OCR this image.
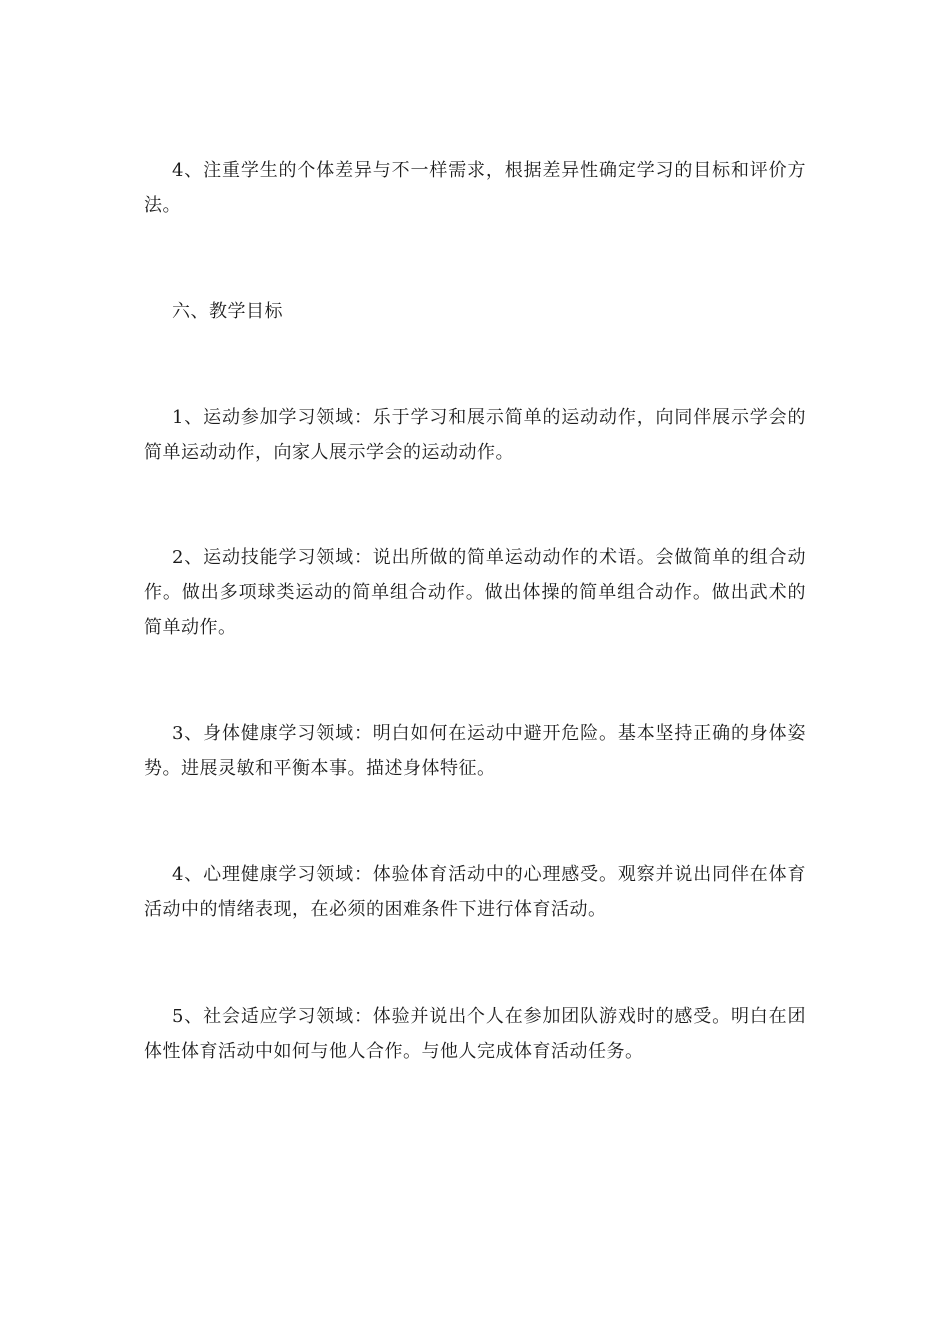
4、注重学生的个体差异与不一样需求，根据差异性确定学习的目标和评价方法。

六、教学目标

1、运动参加学习领域：乐于学习和展示简单的运动动作，向同伴展示学会的简单运动动作，向家人展示学会的运动动作。

2、运动技能学习领域：说出所做的简单运动动作的术语。会做简单的组合动作。做出多项球类运动的简单组合动作。做出体操的简单组合动作。做出武术的简单动作。

3、身体健康学习领域：明白如何在运动中避开危险。基本坚持正确的身体姿势。进展灵敏和平衡本事。描述身体特征。

4、心理健康学习领域：体验体育活动中的心理感受。观察并说出同伴在体育活动中的情绪表现，在必须的困难条件下进行体育活动。

5、社会适应学习领域：体验并说出个人在参加团队游戏时的感受。明白在团体性体育活动中如何与他人合作。与他人完成体育活动任务。
